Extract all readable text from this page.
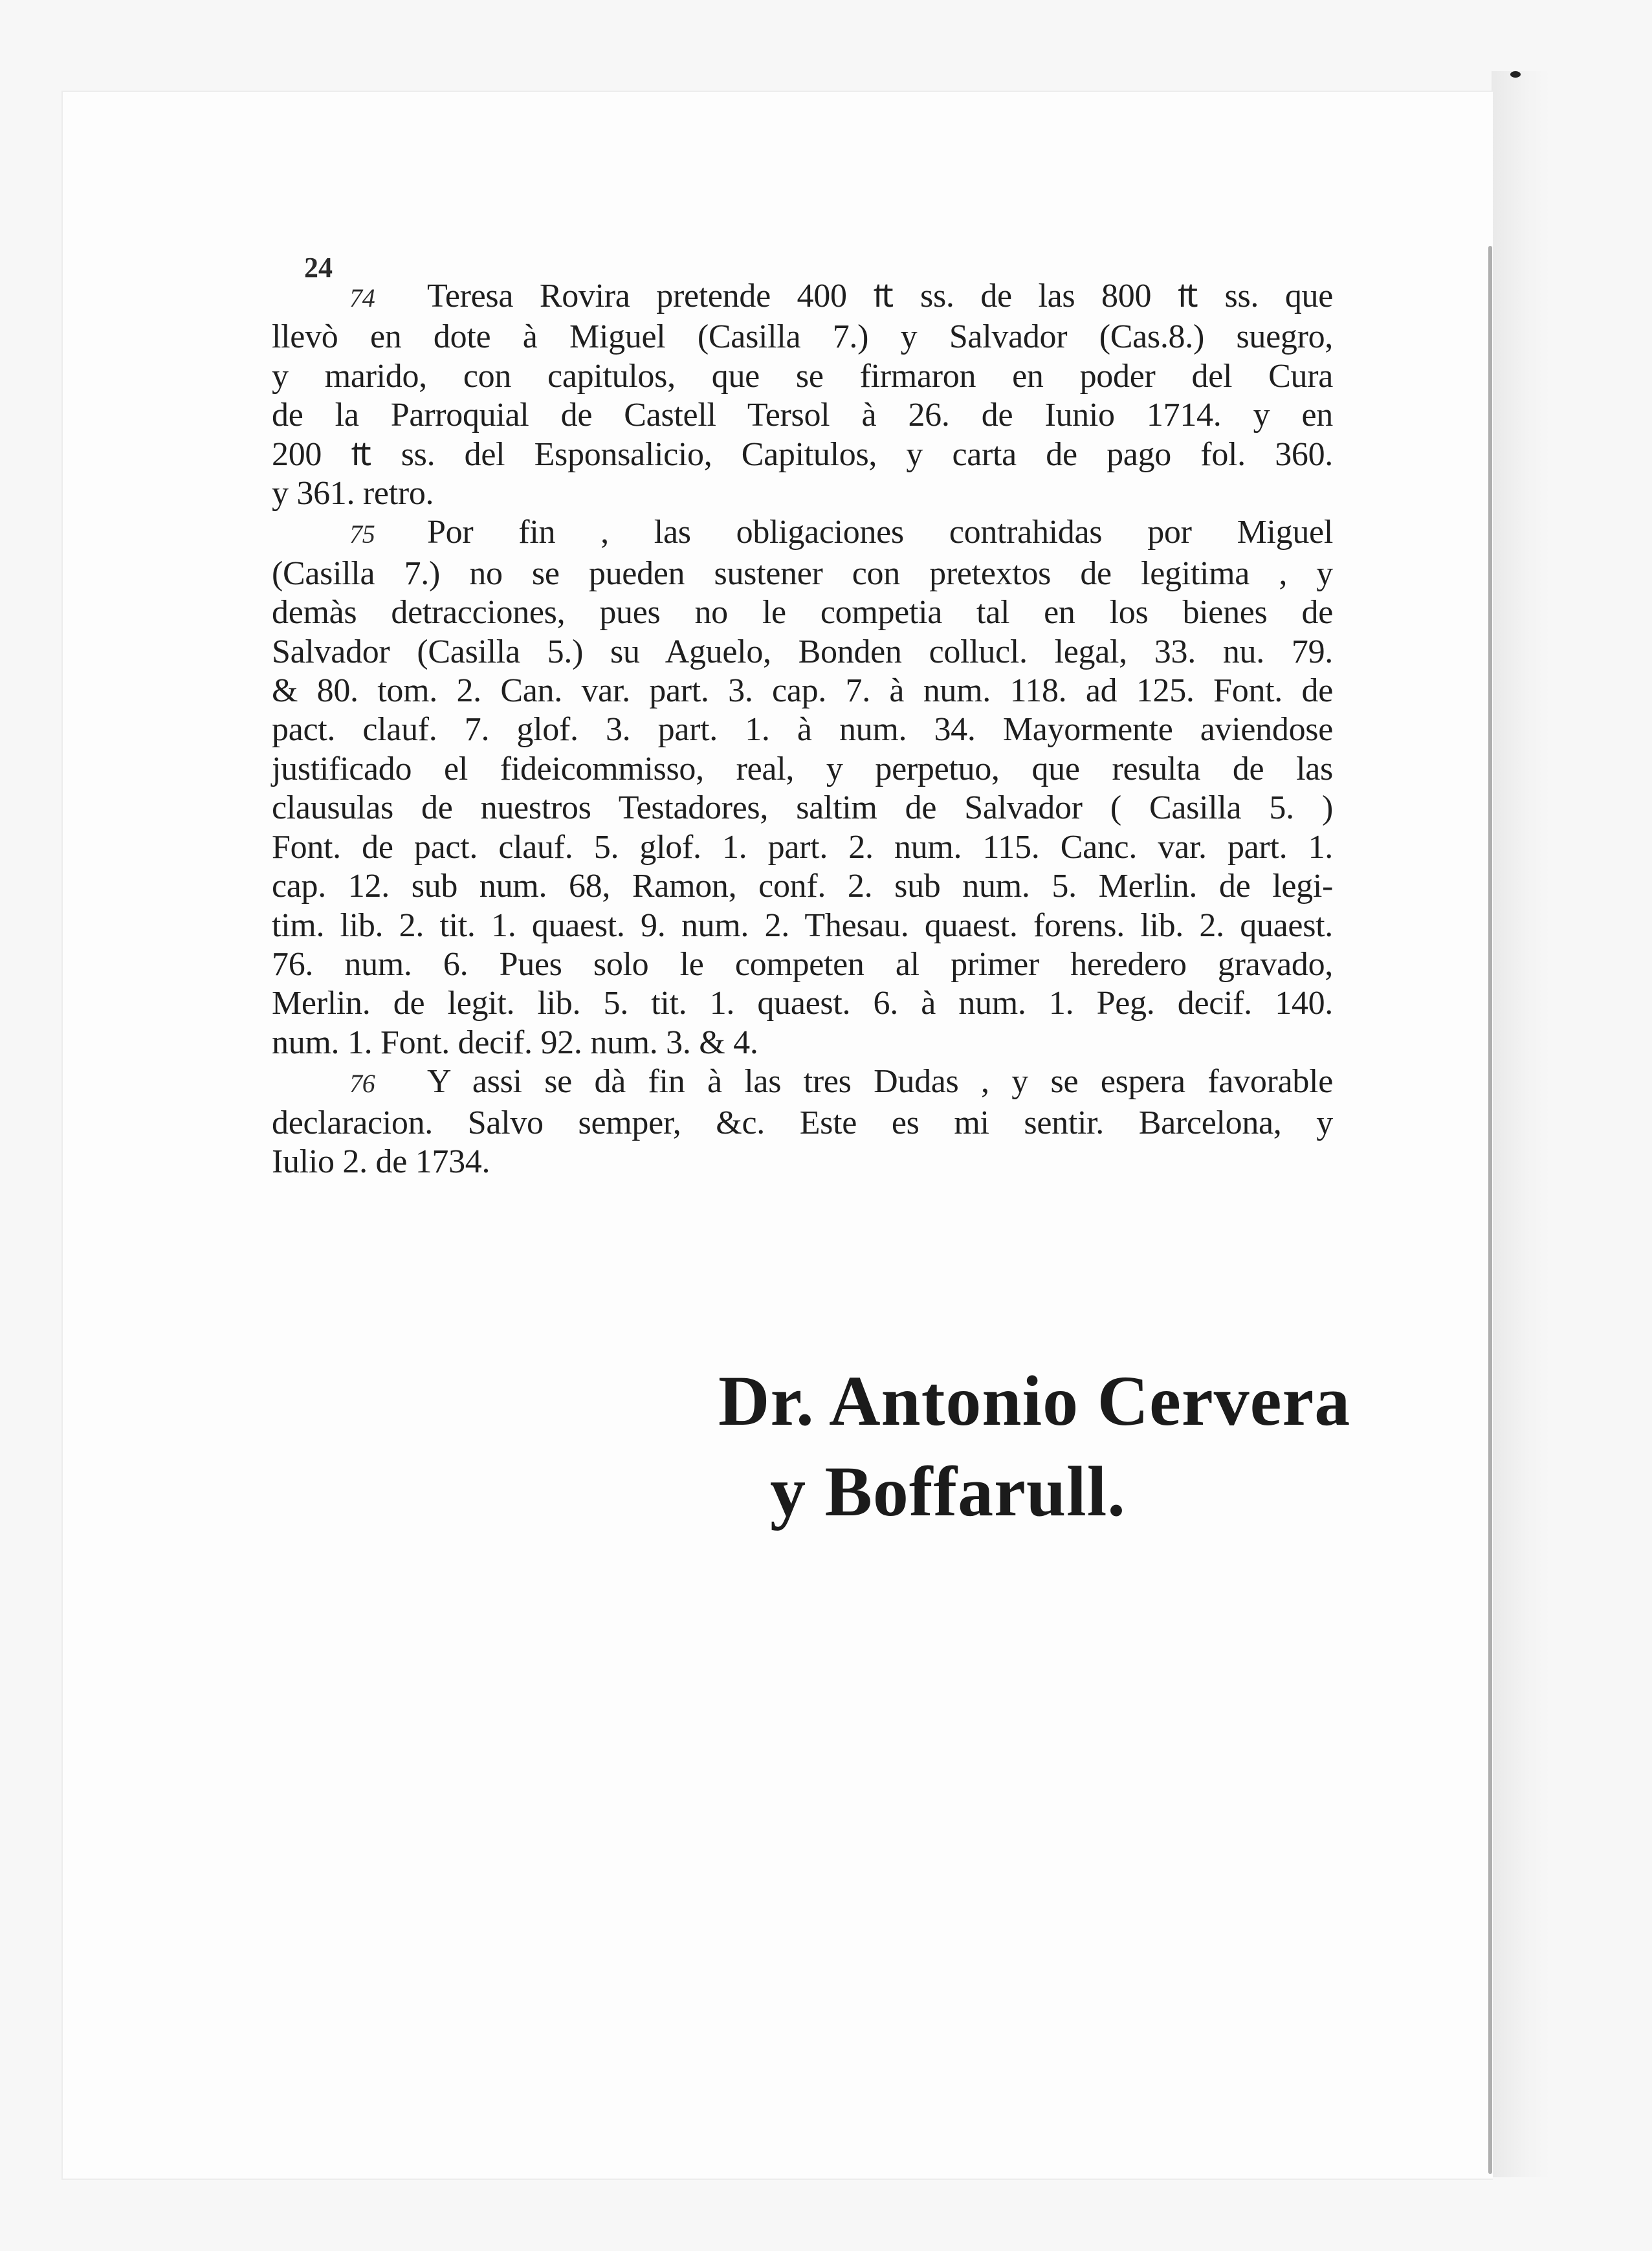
24
74 Teresa Rovira pretende 400 ₶ ss. de las 800 ₶ ss. que
llevò en dote à Miguel (Casilla 7.) y Salvador (Cas.8.) suegro,
y marido, con capitulos, que se firmaron en poder del Cura
de la Parroquial de Castell Tersol à 26. de Iunio 1714. y en
200 ₶ ss. del Esponsalicio, Capitulos, y carta de pago fol. 360.
y 361. retro.
75 Por fin , las obligaciones contrahidas por Miguel
(Casilla 7.) no se pueden sustener con pretextos de legitima , y
demàs detracciones, pues no le competia tal en los bienes de
Salvador (Casilla 5.) su Aguelo, Bonden collucl. legal, 33. nu. 79.
& 80. tom. 2. Can. var. part. 3. cap. 7. à num. 118. ad 125. Font. de
pact. clauf. 7. glof. 3. part. 1. à num. 34. Mayormente aviendose
justificado el fideicommisso, real, y perpetuo, que resulta de las
clausulas de nuestros Testadores, saltim de Salvador ( Casilla 5. )
Font. de pact. clauf. 5. glof. 1. part. 2. num. 115. Canc. var. part. 1.
cap. 12. sub num. 68, Ramon, conf. 2. sub num. 5. Merlin. de legi-
tim. lib. 2. tit. 1. quaest. 9. num. 2. Thesau. quaest. forens. lib. 2. quaest.
76. num. 6. Pues solo le competen al primer heredero gravado,
Merlin. de legit. lib. 5. tit. 1. quaest. 6. à num. 1. Peg. decif. 140.
num. 1. Font. decif. 92. num. 3. & 4.
76 Y assi se dà fin à las tres Dudas , y se espera favorable
declaracion. Salvo semper, &c. Este es mi sentir. Barcelona, y
Iulio 2. de 1734.
Dr. Antonio Cervera
y Boffarull.
